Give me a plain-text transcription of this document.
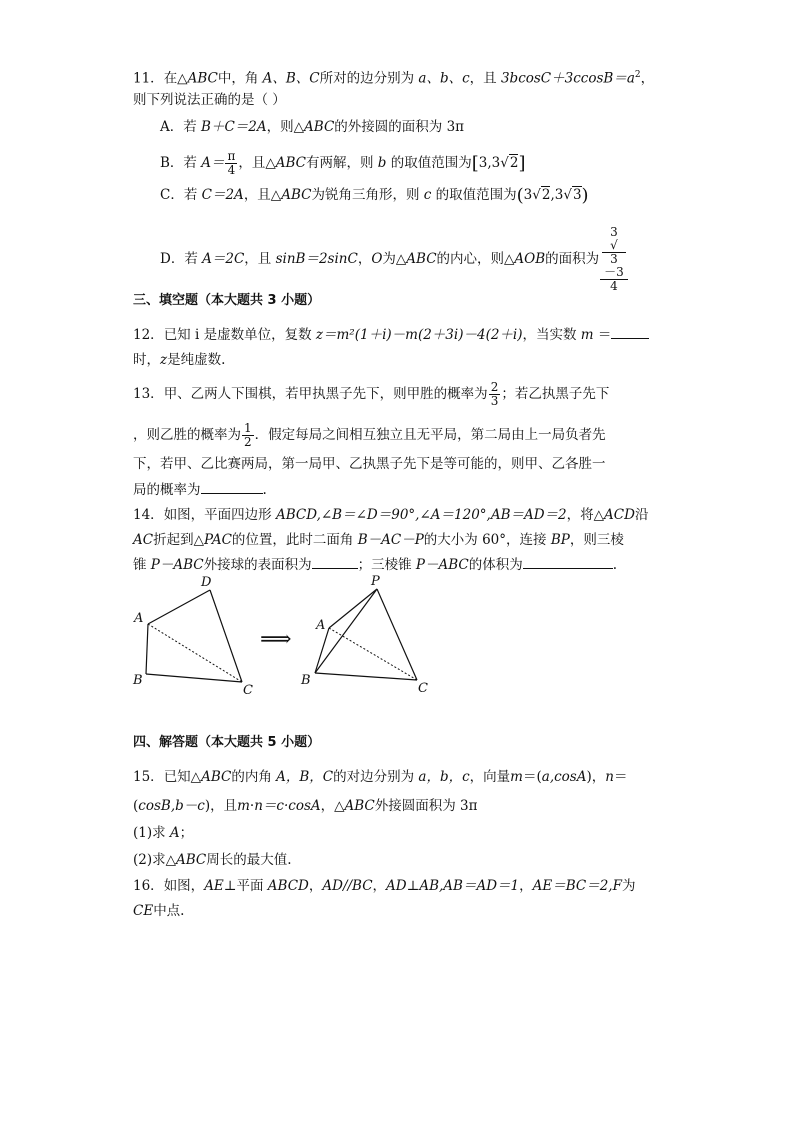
11．在△ABC中，角 A、B、C所对的边分别为 a、b、c，且 $3bcosC+3ccosB=a^2$，
则下列说法正确的是（ ）
A．若 B＋C＝2A，则△ABC的外接圆的面积为 3π
B．若 $A= \frac{\pi}{4}$ ，且△ABC有两解，则 b 的取值范围为[3,3√2]
C．若 C＝2A，且△ABC为锐角三角形，则 c 的取值范围为(3√2,3√3)
D．若 A＝2C，且 sinB＝2sinC，O为△ABC的内心，则△AOB的面积为 3
√
3
－3
4
三、填空题（本大题共 3 小题）
12．已知 i 是虚数单位，复数 z＝m²(1＋i)－m(2＋3i)－4(2＋i)，当实数 m ＝
时，z是纯虚数.
13．甲、乙两人下围棋，若甲执黑子先下，则甲胜的概率为 $\frac{2}{3}$ ；若乙执黑子先下
，则乙胜的概率为 $\frac{1}{2}$ ．假定每局之间相互独立且无平局，第二局由上一局负者先
下，若甲、乙比赛两局，第一局甲、乙执黑子先下是等可能的，则甲、乙各胜一
局的概率为	.
14．如图，平面四边形 ABCD,∠B＝∠D＝90°,∠A＝120°,AB＝AD＝2，将△ACD沿
AC折起到△PAC的位置，此时二面角 B－AC－P的大小为 60°，连接 BP，则三棱
锥 P－ABC外接球的表面积为	；三棱锥 P－ABC的体积为	.
D
A
B
C
⟹
P
A
B
C
四、解答题（本大题共 5 小题）
15．已知△ABC的内角 A，B，C的对边分别为 a，b，c，向量m＝(a,cosA)，n＝
(cosB,b－c)，且m·n＝c·cosA，△ABC外接圆面积为 3π
(1)求 A；
(2)求△ABC周长的最大值.
16．如图，AE⊥平面 ABCD，AD//BC，AD⊥AB,AB＝AD＝1，AE＝BC＝2,F为
CE中点.
